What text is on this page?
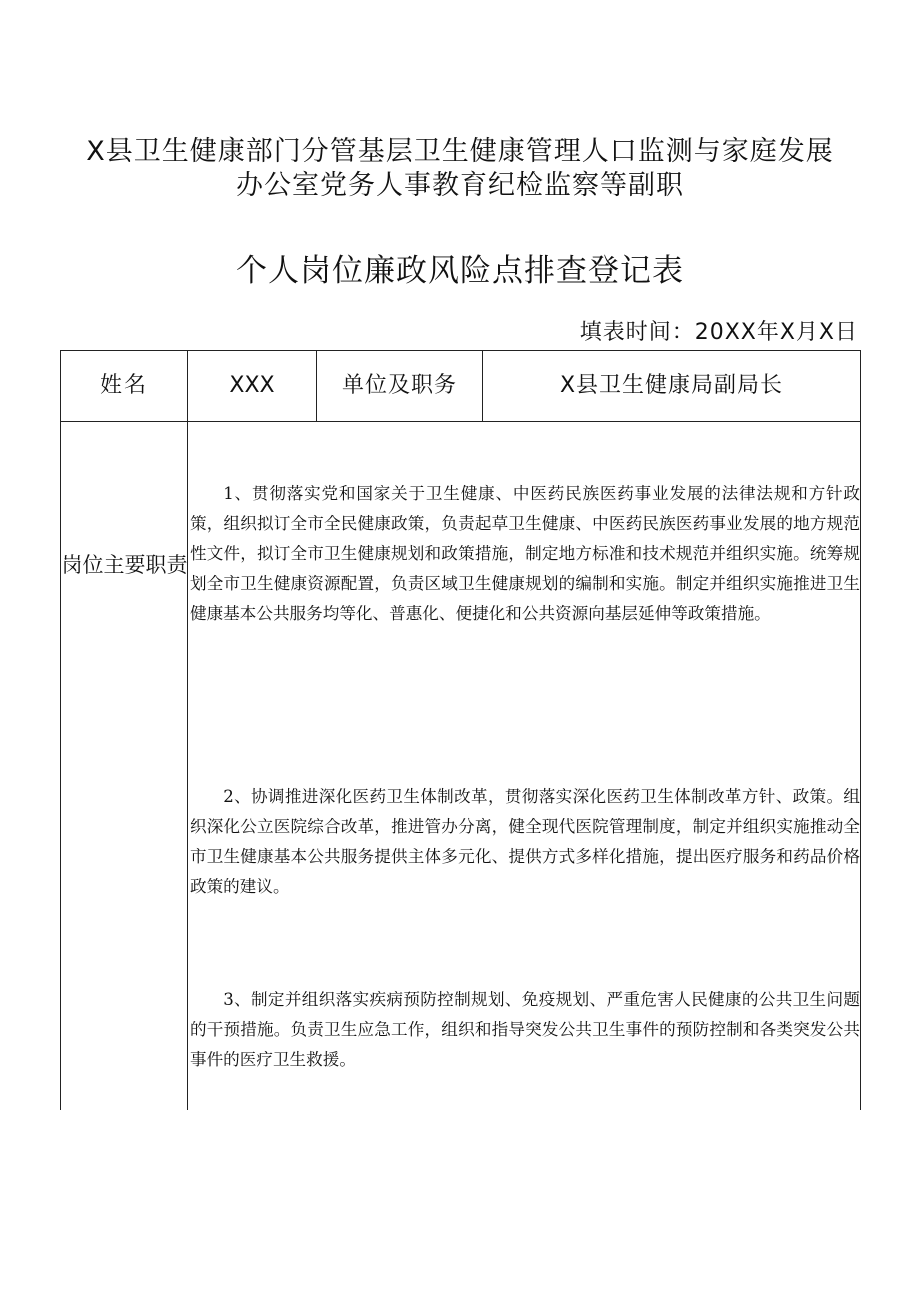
X县卫生健康部门分管基层卫生健康管理人口监测与家庭发展
办公室党务人事教育纪检监察等副职
个人岗位廉政风险点排查登记表
填表时间：20XX年X月X日
姓名	XXX	单位及职务	X县卫生健康局副局长
岗位主要职责
1、贯彻落实党和国家关于卫生健康、中医药民族医药事业发展的法律法规和方针政策，组织拟订全市全民健康政策，负责起草卫生健康、中医药民族医药事业发展的地方规范性文件，拟订全市卫生健康规划和政策措施，制定地方标准和技术规范并组织实施。统筹规划全市卫生健康资源配置，负责区域卫生健康规划的编制和实施。制定并组织实施推进卫生健康基本公共服务均等化、普惠化、便捷化和公共资源向基层延伸等政策措施。
2、协调推进深化医药卫生体制改革，贯彻落实深化医药卫生体制改革方针、政策。组织深化公立医院综合改革，推进管办分离，健全现代医院管理制度，制定并组织实施推动全市卫生健康基本公共服务提供主体多元化、提供方式多样化措施，提出医疗服务和药品价格政策的建议。
3、制定并组织落实疾病预防控制规划、免疫规划、严重危害人民健康的公共卫生问题的干预措施。负责卫生应急工作，组织和指导突发公共卫生事件的预防控制和各类突发公共事件的医疗卫生救援。
